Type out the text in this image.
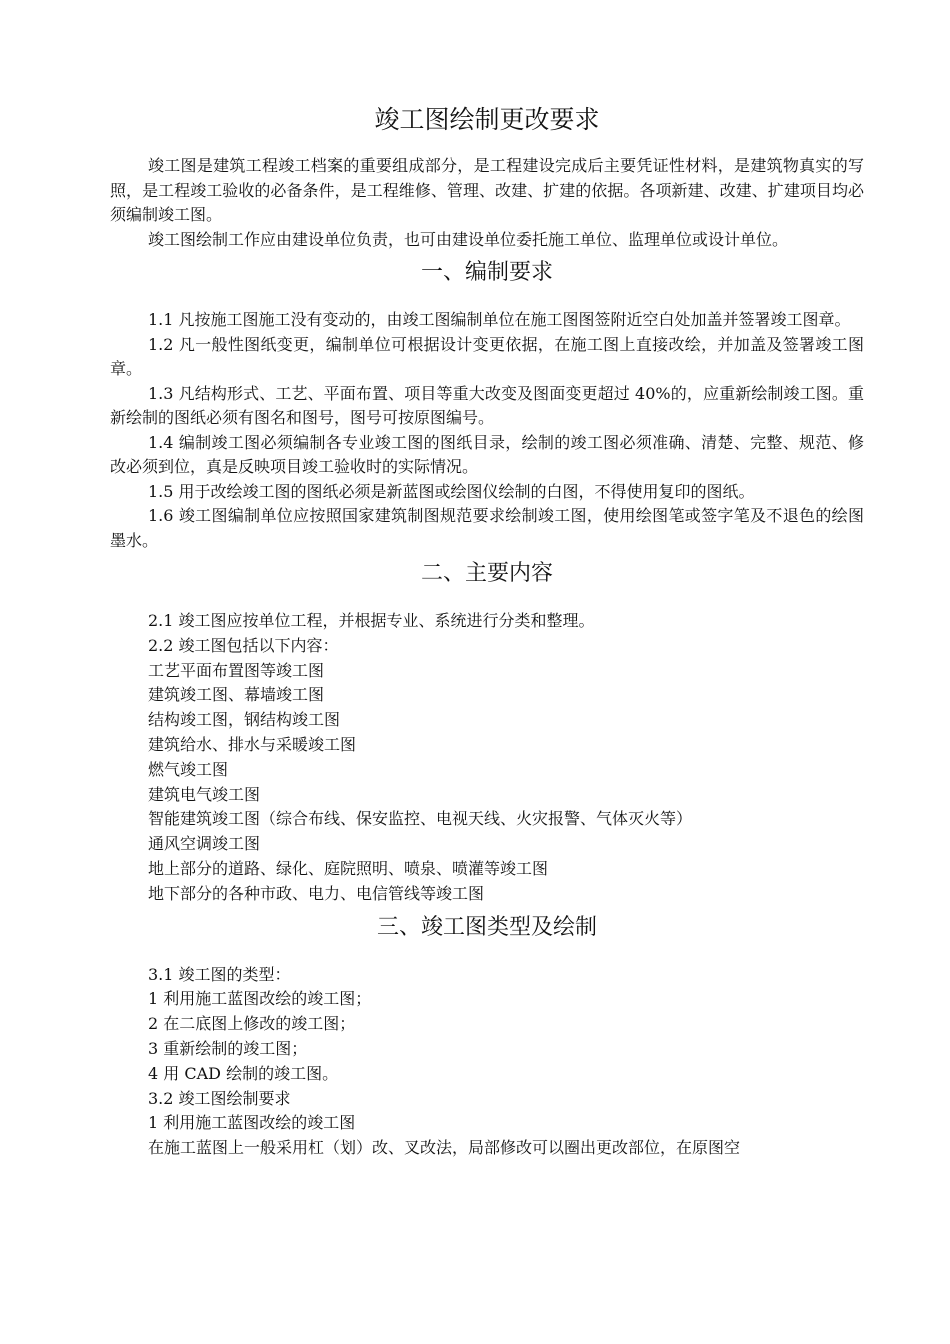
竣工图绘制更改要求

竣工图是建筑工程竣工档案的重要组成部分，是工程建设完成后主要凭证性材料，是建筑物真实的写照，是工程竣工验收的必备条件，是工程维修、管理、改建、扩建的依据。各项新建、改建、扩建项目均必须编制竣工图。

竣工图绘制工作应由建设单位负责，也可由建设单位委托施工单位、监理单位或设计单位。

一、编制要求

1.1 凡按施工图施工没有变动的，由竣工图编制单位在施工图图签附近空白处加盖并签署竣工图章。

1.2 凡一般性图纸变更，编制单位可根据设计变更依据，在施工图上直接改绘，并加盖及签署竣工图章。

1.3 凡结构形式、工艺、平面布置、项目等重大改变及图面变更超过 40%的，应重新绘制竣工图。重新绘制的图纸必须有图名和图号，图号可按原图编号。

1.4 编制竣工图必须编制各专业竣工图的图纸目录，绘制的竣工图必须准确、清楚、完整、规范、修改必须到位，真是反映项目竣工验收时的实际情况。

1.5 用于改绘竣工图的图纸必须是新蓝图或绘图仪绘制的白图，不得使用复印的图纸。

1.6 竣工图编制单位应按照国家建筑制图规范要求绘制竣工图，使用绘图笔或签字笔及不退色的绘图墨水。

二、主要内容
2.1 竣工图应按单位工程，并根据专业、系统进行分类和整理。
2.2 竣工图包括以下内容：
工艺平面布置图等竣工图
建筑竣工图、幕墙竣工图
结构竣工图，钢结构竣工图
建筑给水、排水与采暖竣工图
燃气竣工图
建筑电气竣工图
智能建筑竣工图（综合布线、保安监控、电视天线、火灾报警、气体灭火等）
通风空调竣工图
地上部分的道路、绿化、庭院照明、喷泉、喷灌等竣工图
地下部分的各种市政、电力、电信管线等竣工图
三、竣工图类型及绘制
3.1 竣工图的类型：
1 利用施工蓝图改绘的竣工图；
2 在二底图上修改的竣工图；
3 重新绘制的竣工图；
4 用 CAD 绘制的竣工图。
3.2 竣工图绘制要求
1 利用施工蓝图改绘的竣工图
在施工蓝图上一般采用杠（划）改、叉改法，局部修改可以圈出更改部位，在原图空
